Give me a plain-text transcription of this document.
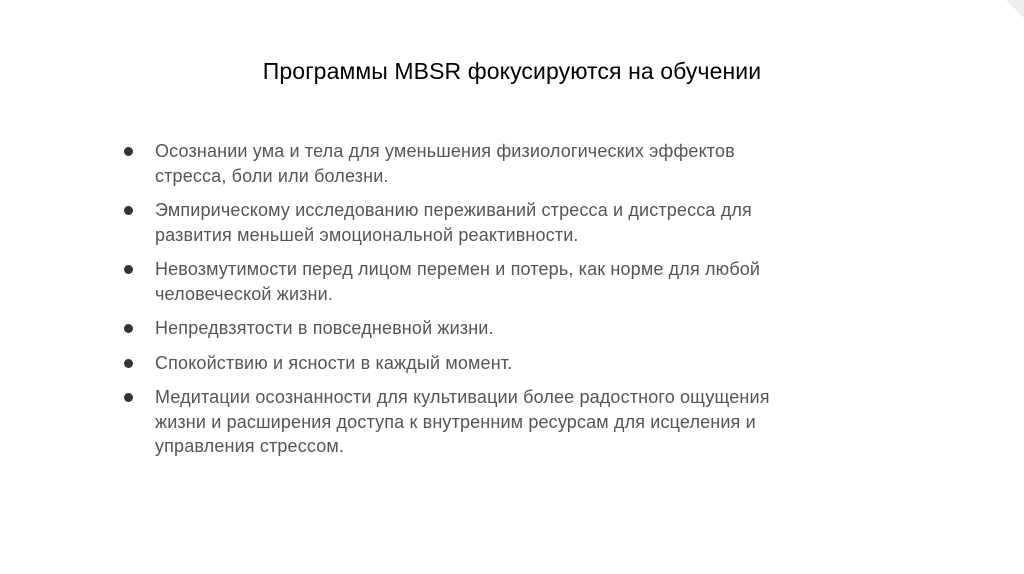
Программы MBSR фокусируются на обучении
Осознании ума и тела для уменьшения физиологических эффектов
стресса, боли или болезни.
Эмпирическому исследованию переживаний стресса и дистресса для
развития меньшей эмоциональной реактивности.
Невозмутимости перед лицом перемен и потерь, как норме для любой
человеческой жизни.
Непредвзятости в повседневной жизни.
Спокойствию и ясности в каждый момент.
Медитации осознанности для культивации более радостного ощущения
жизни и расширения доступа к внутренним ресурсам для исцеления и
управления стрессом.
